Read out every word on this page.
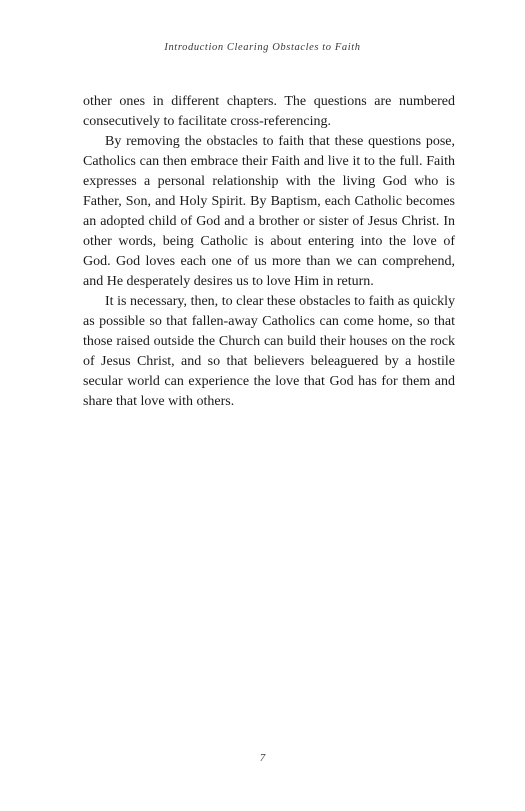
Introduction Clearing Obstacles to Faith

other ones in different chapters. The questions are numbered consecutively to facilitate cross-referencing.

By removing the obstacles to faith that these questions pose, Catholics can then embrace their Faith and live it to the full. Faith expresses a personal relationship with the living God who is Father, Son, and Holy Spirit. By Baptism, each Catholic becomes an adopted child of God and a brother or sister of Jesus Christ. In other words, being Catholic is about entering into the love of God. God loves each one of us more than we can comprehend, and He desperately desires us to love Him in return.

It is necessary, then, to clear these obstacles to faith as quickly as possible so that fallen-away Catholics can come home, so that those raised outside the Church can build their houses on the rock of Jesus Christ, and so that believers beleaguered by a hostile secular world can experience the love that God has for them and share that love with others.

7
